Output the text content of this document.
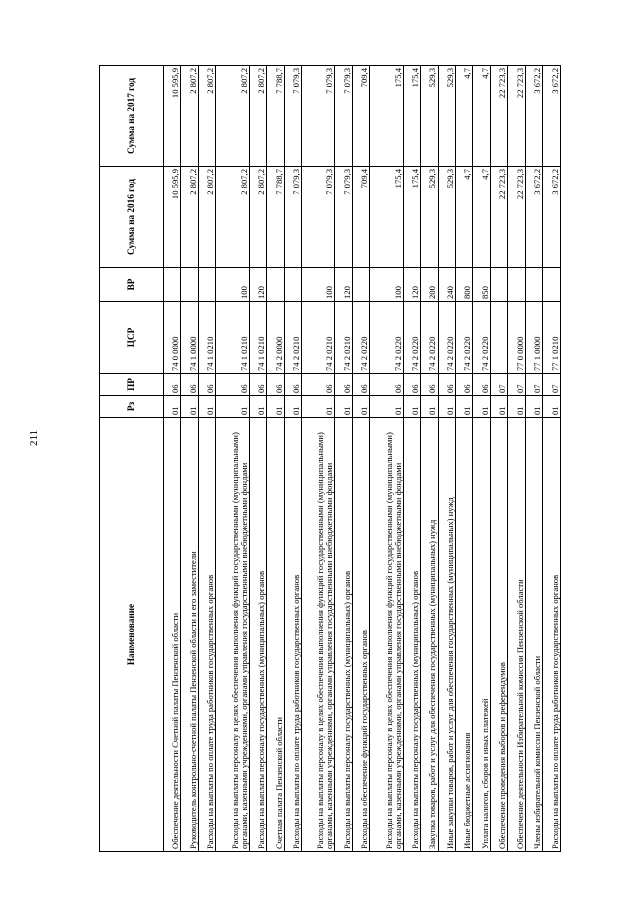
211
Наименование	Рз	ПР	ЦСР	ВР	Сумма на 2016 год	Сумма на 2017 год
Обеспечение деятельности Счетной палаты Пензенской области	01	06	74 0 0000		10 595,9	10 595,9
Руководитель контрольно-счетной палаты Пензенской области и его заместители	01	06	74 1 0000		2 807,2	2 807,2
Расходы на выплаты по оплате труда работников государственных органов	01	06	74 1 0210		2 807,2	2 807,2
Расходы на выплаты персоналу в целях обеспечения выполнения функций государственными (муниципальными) органами, казенными учреждениями, органами управления государственными внебюджетными фондами	01	06	74 1 0210	100	2 807,2	2 807,2
Расходы на выплаты персоналу государственных (муниципальных) органов	01	06	74 1 0210	120	2 807,2	2 807,2
Счетная палата Пензенской области	01	06	74 2 0000		7 788,7	7 788,7
Расходы на выплаты по оплате труда работников государственных органов	01	06	74 2 0210		7 079,3	7 079,3
Расходы на выплаты персоналу в целях обеспечения выполнения функций государственными (муниципальными) органами, казенными учреждениями, органами управления государственными внебюджетными фондами	01	06	74 2 0210	100	7 079,3	7 079,3
Расходы на выплаты персоналу государственных (муниципальных) органов	01	06	74 2 0210	120	7 079,3	7 079,3
Расходы на обеспечение функций государственных органов	01	06	74 2 0220		709,4	709,4
Расходы на выплаты персоналу в целях обеспечения выполнения функций государственными (муниципальными) органами, казенными учреждениями, органами управления государственными внебюджетными фондами	01	06	74 2 0220	100	175,4	175,4
Расходы на выплаты персоналу государственных (муниципальных) органов	01	06	74 2 0220	120	175,4	175,4
Закупка товаров, работ и услуг для обеспечения государственных (муниципальных) нужд	01	06	74 2 0220	200	529,3	529,3
Иные закупки товаров, работ и услуг для обеспечения государственных (муниципальных) нужд	01	06	74 2 0220	240	529,3	529,3
Иные бюджетные ассигнования	01	06	74 2 0220	800	4,7	4,7
Уплата налогов, сборов и иных платежей	01	06	74 2 0220	850	4,7	4,7
Обеспечение проведения выборов и референдумов	01	07			22 723,3	22 723,3
Обеспечение деятельности Избирательной комиссии Пензенской области	01	07	77 0 0000		22 723,3	22 723,3
Члены избирательной комиссии Пензенской области	01	07	77 1 0000		3 672,2	3 672,2
Расходы на выплаты по оплате труда работников государственных органов	01	07	77 1 0210		3 672,2	3 672,2
